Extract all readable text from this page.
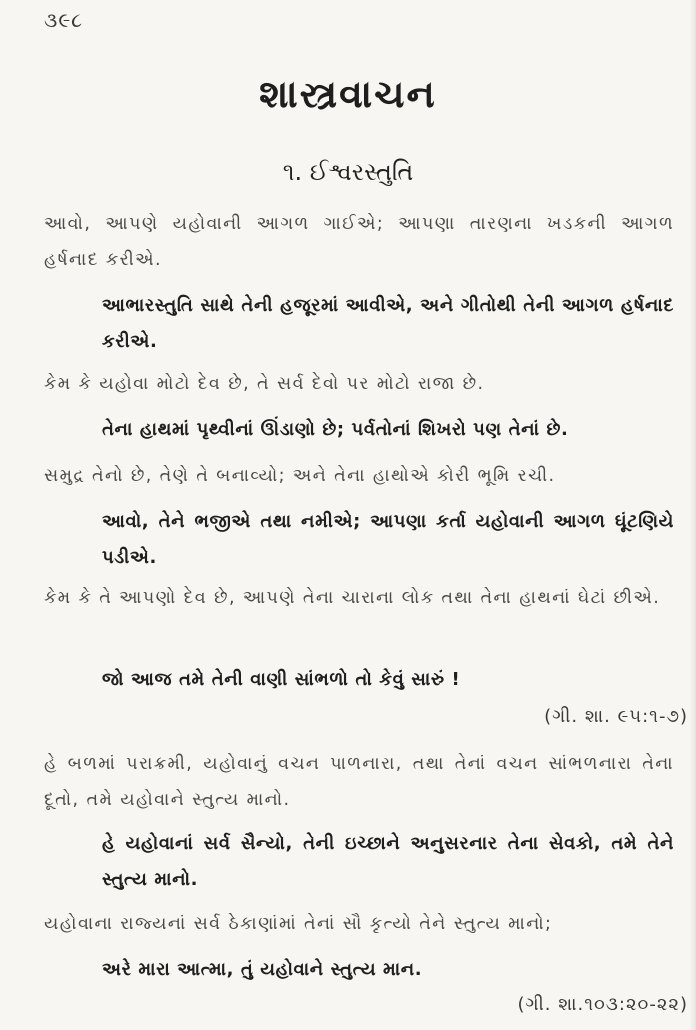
૩૯૮
શાસ્ત્રવાચન
૧. ઈશ્વરસ્તુતિ

આવો, આપણે યહોવાની આગળ ગાઈએ; આપણા તારણના ખડકની આગળ હર્ષનાદ કરીએ.

આભારસ્તુતિ સાથે તેની હજૂરમાં આવીએ, અને ગીતોથી તેની આગળ હર્ષનાદ કરીએ.

કેમ કે યહોવા મોટો દેવ છે, તે સર્વ દેવો પર મોટો રાજા છે.

તેના હાથમાં પૃથ્વીનાં ઊંડાણો છે; પર્વતોનાં શિખરો પણ તેનાં છે.

સમુદ્ર તેનો છે, તેણે તે બનાવ્યો; અને તેના હાથોએ કોરી ભૂમિ રચી.

આવો, તેને ભજીએ તથા નમીએ; આપણા કર્તા યહોવાની આગળ ઘૂંટણિયે પડીએ.

કેમ કે તે આપણો દેવ છે, આપણે તેના ચારાના લોક તથા તેના હાથનાં ઘેટાં છીએ.

જો આજ તમે તેની વાણી સાંભળો તો કેવું સારું !

(ગી. શા. ૯૫:૧-૭)

હે બળમાં પરાક્રમી, યહોવાનું વચન પાળનારા, તથા તેનાં વચન સાંભળનારા તેના દૂતો, તમે યહોવાને સ્તુત્ય માનો.

હે યહોવાનાં સર્વ સૈન્યો, તેની ઇચ્છાને અનુસરનાર તેના સેવકો, તમે તેને સ્તુત્ય માનો.

યહોવાના રાજ્યનાં સર્વ ઠેકાણાંમાં તેનાં સૌ કૃત્યો તેને સ્તુત્ય માનો;

અરે મારા આત્મા, તું યહોવાને સ્તુત્ય માન.

(ગી. શા.૧૦૩:૨૦-૨૨)
